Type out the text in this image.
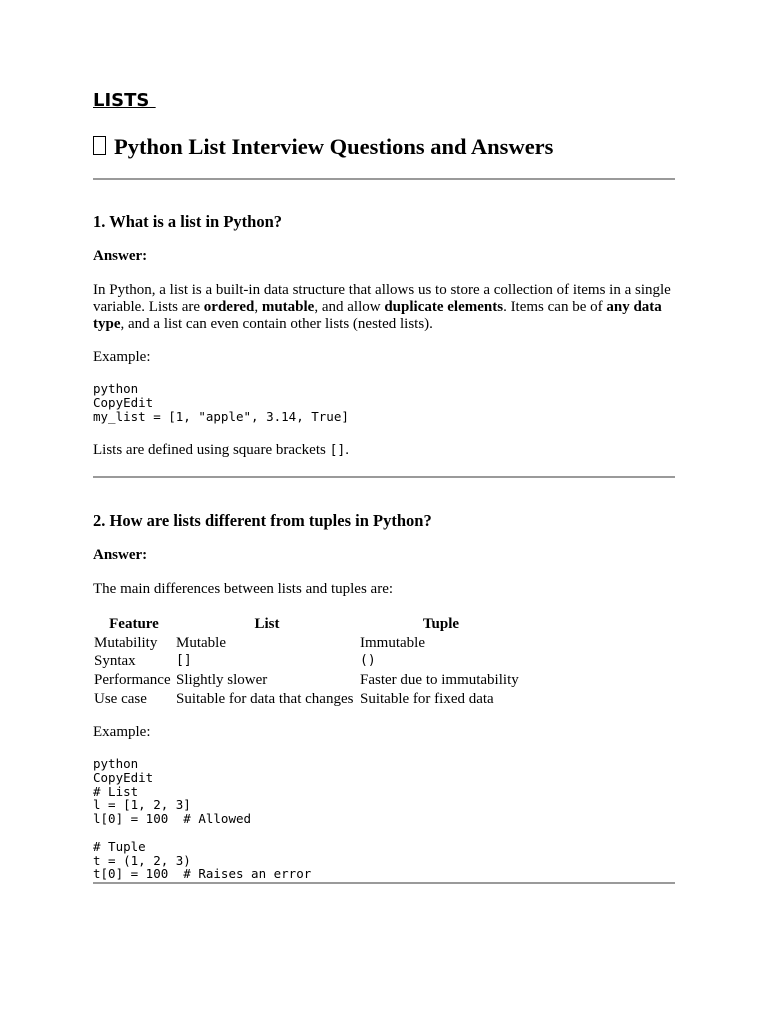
LISTS
Python List Interview Questions and Answers
1. What is a list in Python?
Answer:
In Python, a list is a built-in data structure that allows us to store a collection of items in a single variable. Lists are ordered, mutable, and allow duplicate elements. Items can be of any data type, and a list can even contain other lists (nested lists).
Example:
python
CopyEdit
my_list = [1, "apple", 3.14, True]
Lists are defined using square brackets [].
2. How are lists different from tuples in Python?
Answer:
The main differences between lists and tuples are:
Feature	List	Tuple
Mutability	Mutable	Immutable
Syntax	[]	()
Performance	Slightly slower	Faster due to immutability
Use case	Suitable for data that changes	Suitable for fixed data
Example:
python
CopyEdit
# List
l = [1, 2, 3]
l[0] = 100  # Allowed

# Tuple
t = (1, 2, 3)
t[0] = 100  # Raises an error
